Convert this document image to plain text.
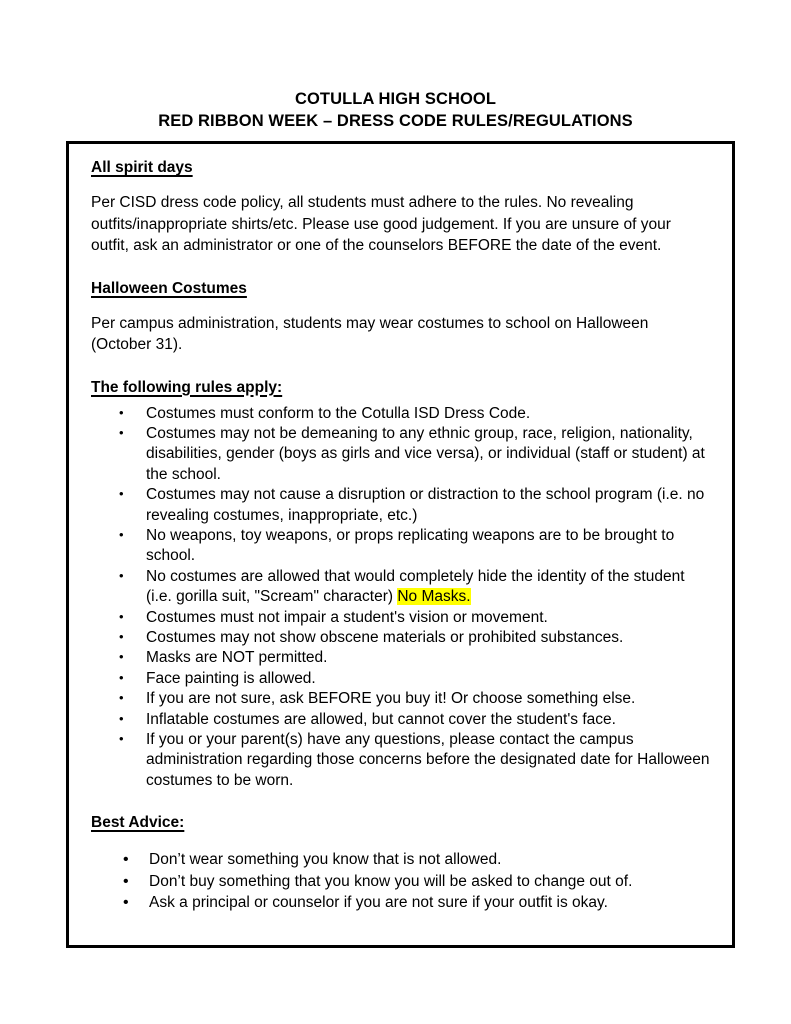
COTULLA HIGH SCHOOL
RED RIBBON WEEK – DRESS CODE RULES/REGULATIONS
All spirit days

Per CISD dress code policy, all students must adhere to the rules. No revealing outfits/inappropriate shirts/etc. Please use good judgement. If you are unsure of your outfit, ask an administrator or one of the counselors BEFORE the date of the event.

Halloween Costumes

Per campus administration, students may wear costumes to school on Halloween (October 31).

The following rules apply:
• Costumes must conform to the Cotulla ISD Dress Code.
• Costumes may not be demeaning to any ethnic group, race, religion, nationality, disabilities, gender (boys as girls and vice versa), or individual (staff or student) at the school.
• Costumes may not cause a disruption or distraction to the school program (i.e. no revealing costumes, inappropriate, etc.)
• No weapons, toy weapons, or props replicating weapons are to be brought to school.
• No costumes are allowed that would completely hide the identity of the student (i.e. gorilla suit, "Scream" character) No Masks.
• Costumes must not impair a student's vision or movement.
• Costumes may not show obscene materials or prohibited substances.
• Masks are NOT permitted.
• Face painting is allowed.
• If you are not sure, ask BEFORE you buy it! Or choose something else.
• Inflatable costumes are allowed, but cannot cover the student's face.
• If you or your parent(s) have any questions, please contact the campus administration regarding those concerns before the designated date for Halloween costumes to be worn.
Best Advice:
• Don’t wear something you know that is not allowed.
• Don’t buy something that you know you will be asked to change out of.
• Ask a principal or counselor if you are not sure if your outfit is okay.
